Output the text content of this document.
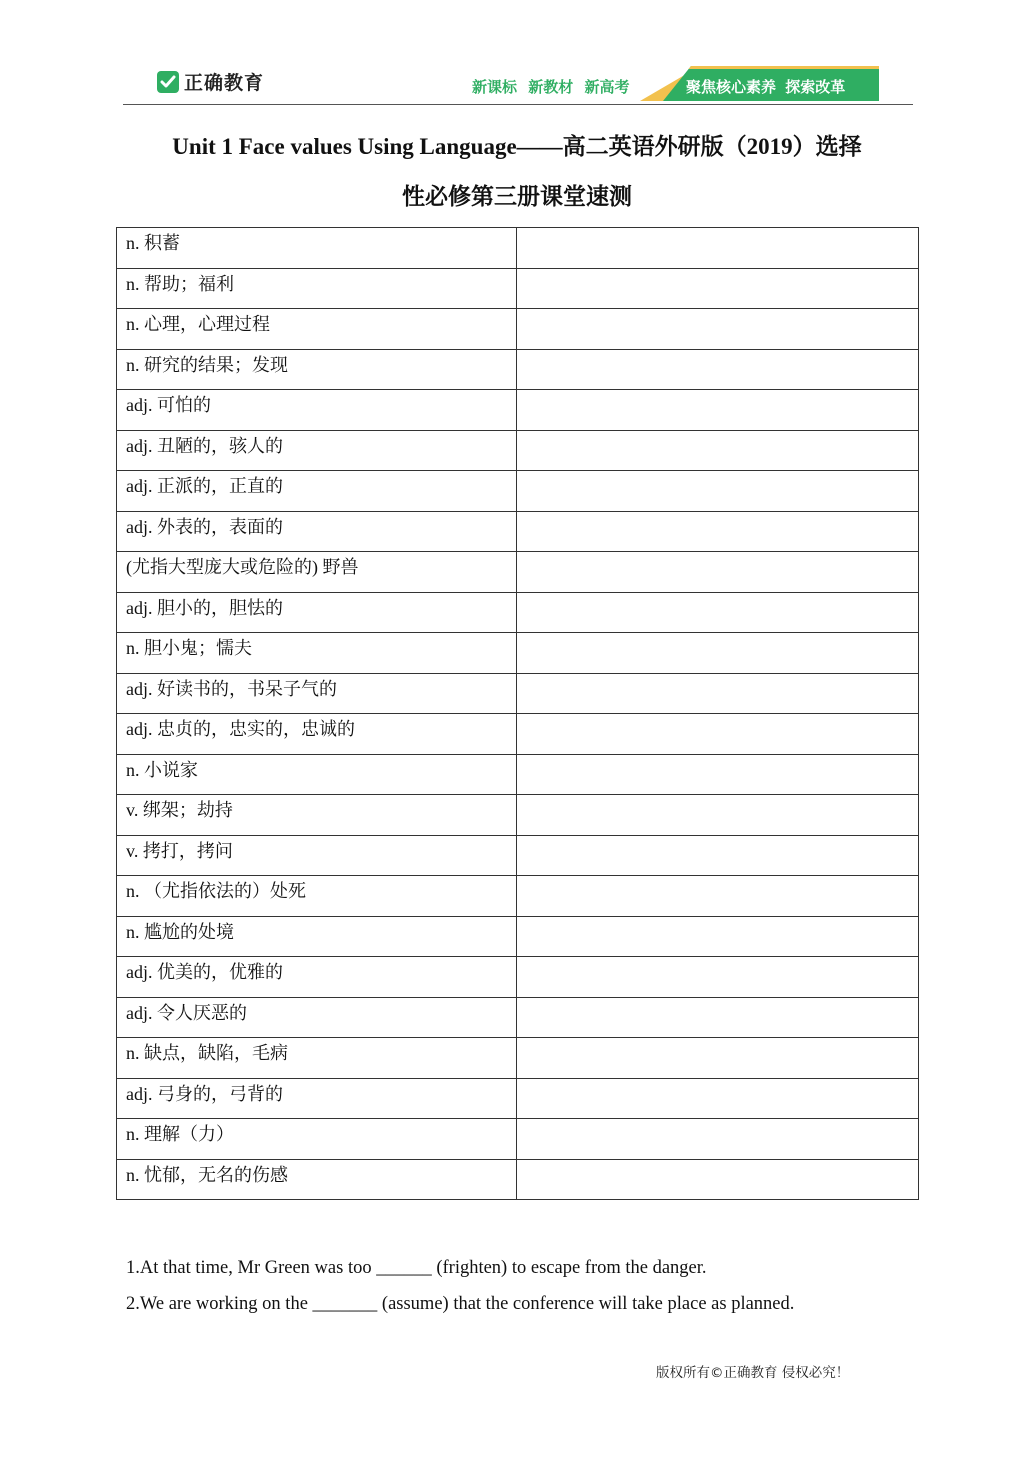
正确教育	新课标 新教材 新高考	聚焦核心素养 探索改革
Unit 1 Face values Using Language——高二英语外研版（2019）选择
性必修第三册课堂速测
n. 积蓄	
n. 帮助；福利	
n. 心理，心理过程	
n. 研究的结果；发现	
adj. 可怕的	
adj. 丑陋的，骇人的	
adj. 正派的，正直的	
adj. 外表的，表面的	
(尤指大型庞大或危险的) 野兽	
adj. 胆小的，胆怯的	
n. 胆小鬼；懦夫	
adj. 好读书的，书呆子气的	
adj. 忠贞的，忠实的，忠诚的	
n. 小说家	
v. 绑架；劫持	
v. 拷打，拷问	
n. （尤指依法的）处死	
n. 尴尬的处境	
adj. 优美的，优雅的	
adj. 令人厌恶的	
n. 缺点，缺陷，毛病	
adj. 弓身的，弓背的	
n. 理解（力）	
n. 忧郁，无名的伤感	
1.At that time, Mr Green was too ______ (frighten) to escape from the danger.
2.We are working on the _______ (assume) that the conference will take place as planned.
版权所有©正确教育 侵权必究！
